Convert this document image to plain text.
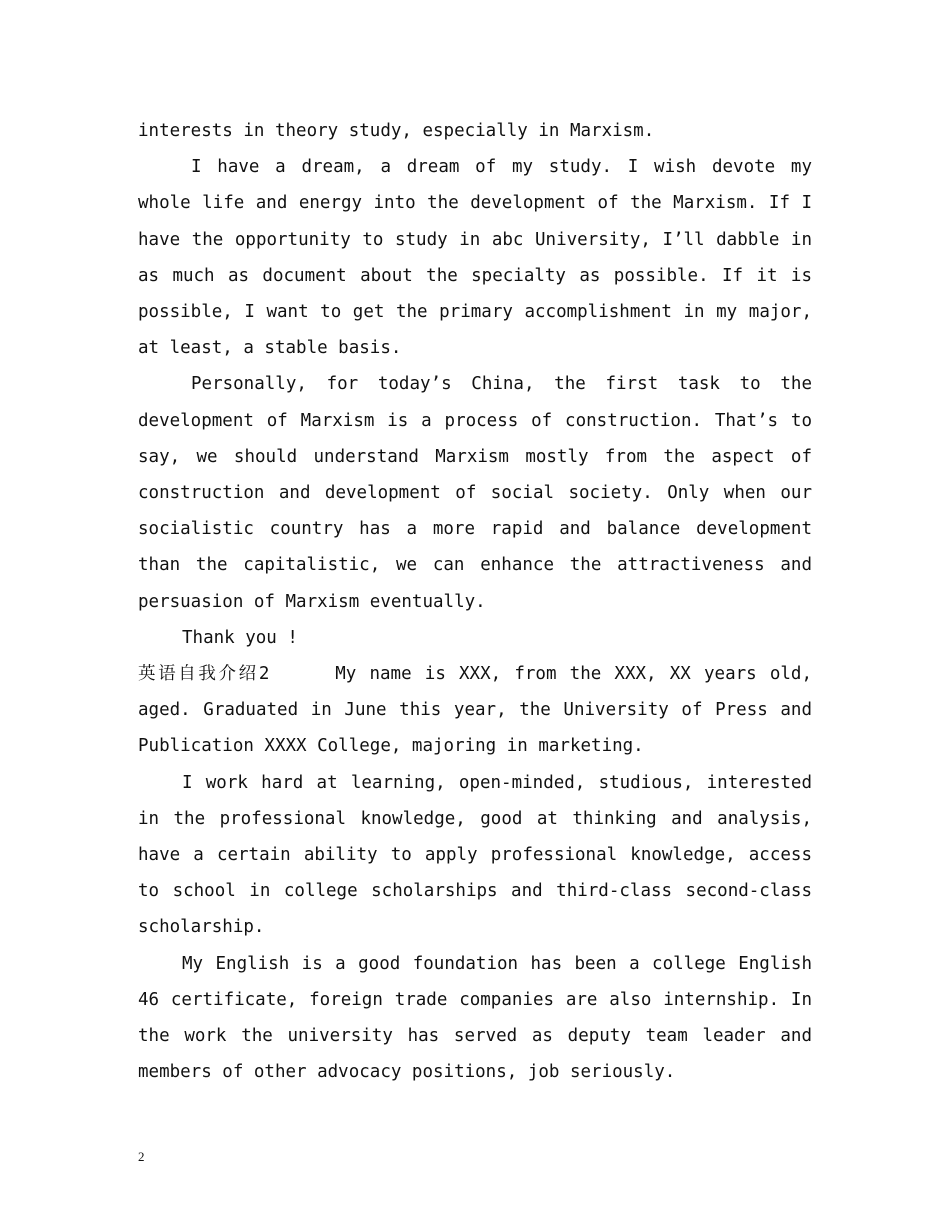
interests in theory study, especially in Marxism.

I have a dream, a dream of my study. I wish devote my whole life and energy into the development of the Marxism. If I have the opportunity to study in abc University, I’ll dabble in as much as document about the specialty as possible. If it is possible, I want to get the primary accomplishment in my major, at least, a stable basis.

Personally, for today’s China, the first task to the development of Marxism is a process of construction. That’s to say, we should understand Marxism mostly from the aspect of construction and development of social society. Only when our socialistic country has a more rapid and balance development than the capitalistic, we can enhance the attractiveness and persuasion of Marxism eventually.

Thank you !

英语自我介绍2     My name is XXX, from the XXX, XX years old, aged. Graduated in June this year, the University of Press and Publication XXXX College, majoring in marketing.

I work hard at learning, open-minded, studious, interested in the professional knowledge, good at thinking and analysis, have a certain ability to apply professional knowledge, access to school in college scholarships and third-class second-class scholarship.

My English is a good foundation has been a college English 46 certificate, foreign trade companies are also internship. In the work the university has served as deputy team leader and members of other advocacy positions, job seriously.

2
